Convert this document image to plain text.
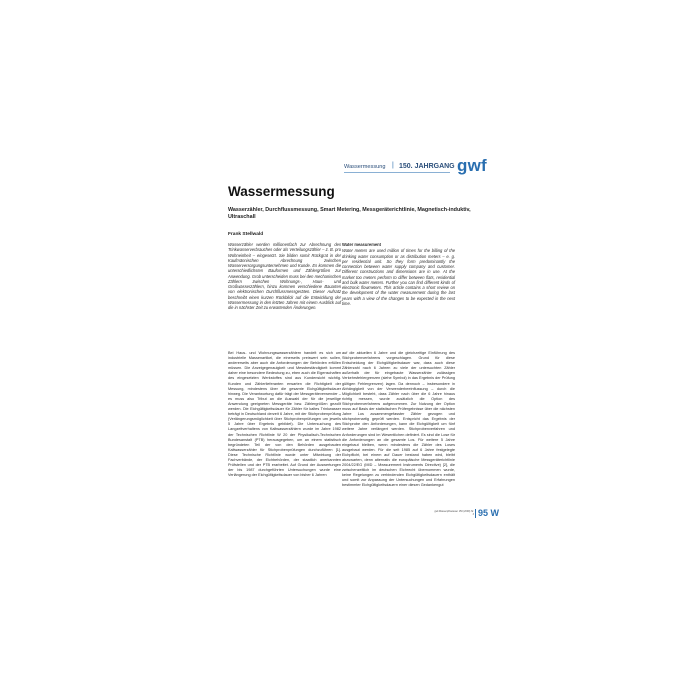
Wassermessung | 150. JAHRGANG gwf
Wassermessung
Wasserzähler, Durchflussmessung, Smart Metering, Messgeräterichtlinie, Magnetisch-induktiv, Ultraschall
Frank Stellwald
Wasserzähler werden millionenfach zur Abrechnung des Trinkwasserverbrauches oder als Verteilungszähler – z. B. pro Wohneinheit – eingesetzt. Sie bilden somit Rückgrat in der Kaufmännischen Abrechnung zwischen Wasserversorgungsunternehmen und Kunde. Es kommen die unterschiedlichsten Bauformen und Zählergrößen zur Anwendung. Grob unterscheiden muss bei den mechanischen Zählern zwischen Wohnungs-, Haus- und Großwasserzählern, hinzu kommen verschiedene Bauarten von elektronischen Durchflussmessgeräten. Dieser Aufsatz beschreibt einen kurzen Rückblick auf die Entwicklung der Wassermessung in den letzten Jahren mit einem Ausblick auf die in nächster Zeit zu erwartenden Änderungen.
Water measurement
Water meters are used million of times for the billing of the drinking water consumption or as distribution meters – e. g. per residential unit. So they form predominantly the connection between water supply company and customer. Different constructions and dimensions are in use. At the market too meters perform to differ between flats, residential and bulk water meters. Further you can find different kinds of electronic flowmeters. This article contains a short review on the development of the water measurement during the last years with a view of the changes to be expected in the next time.
Bei Haus- und Wohnungswasserzählern handelt es sich um industrielle Massenartikel, die einerseits preiswert sein sollen, andererseits aber auch die Anforderungen der Behörden erfüllen müssen. Die Anzeigegenauigkeit und Messbeständigkeit kommt daher eine besondere Bedeutung zu, eben auch die Eigenschaften des eingesetzten Werkstoffes sind aus Kundensicht wichtig. Kunden und Zählerlieferanten erwarten die Richtigkeit der Messung, mindestens über die gesamte Eichgültigkeitsdauer hinweg. Die Verantwortung dafür trägt der Messgeräteverwender – es muss also Tribut an die Auswahl der für die jeweilige Anwendung geeigneten Messgeräte bzw. Zählergrößen gezollt werden. Die Eichgültigkeitsdauer für Zähler für kaltes Trinkwasser beträgt in Deutschland derzeit 6 Jahre, mit der Stichprobenprüfung (Verlängerungsmöglichkeit über Stichprobenprüfungen um jeweils 5 Jahre über Ergebnis gebildet). Die Untersuchung des Langzeitverhaltens von Kaltwasserzählern wurde im Jahre 1982 der Technischen Richtlinie W 20 der Physikalisch-Technischen Bundesanstalt (PTB) herausgegeben, um an einem statistisch begründeten Teil der von den Behörden ausgebauten Kaltwasserzähler für Stichprobenprüfungen durchzuführen [1]. Diese Technische Richtlinie wurde unter Mitwirkung der Fachverbände, der Eichbehörden, der staatlich anerkannten Prüfstellen und der PTB erarbeitet. Auf Grund der Auswertungen der bis 1987 durchgeführten Untersuchungen wurde eine Verlängerung der Eichgültigkeitsdauer von bisher 6 Jahren
auf die aktuellen 6 Jahre und die gleichzeitige Einführung des Stichprobenverfahrens vorgeschlagen. Grund für diese Entscheidung der Eichgültigkeitsdauer war, dass auch diese Zählerzahl nach 6 Jahren zu viele der untersuchten Zähler außerhalb der für eingebaute Wasserzähler zulässigen Verkehrsfehlergrenzen (siehe Symbol) in das Ergebnis der Prüfung gültigen Fehlergrenzen) lagen. Da dennoch – insbesondere in Abhängigkeit von der Verwenderbeeinflussung – durch die Möglichkeit besteht, dass Zähler nach über die 6 Jahre hinaus richtig messen, wurde zusätzlich die Option des Stichprobenverfahrens aufgenommen. Zur Nutzung der Option muss auf Basis der statistischen Prüfergebnisse über die nächsten Jahre Los zusammengefasster Zähler gezogen und stichprobenartig geprüft werden. Entspricht das Ergebnis der Stichprobe den Anforderungen, kann die Eichgültigkeit um fünf weitere Jahre verlängert werden. Stichprobenverfahren und Anforderungen sind im Wesentlichen definiert. Es sind die Lose für die Anforderungen an die gesamte Los. Für weitere 5 Jahre eingebaut bleiben, wenn mindestens die Zähler des Loses ausgebaut werden. Für die seit 1985 auf 6 Jahre festgelegte Eichpflicht, bei einem auf Dauer bestand haben wird, bleibt abzuwarten, denn alternativ die europäische Messgeräterichtlinie 2004/22/EG (MID – Measurement Instruments Directive) [2], die zwischenzeitlich im deutschen Eichrecht übernommen wurde, keine Regelungen zu verbindenden Eichgültigkeitsdauern enthält und somit zur Anpassung der Untersuchungen und Erfahrungen bestimmter Eichgültigkeitsdauern einer diesen Gedankengut
gwf-Wasser|Abwasser 150 (2009) Nr. 3 95 W
